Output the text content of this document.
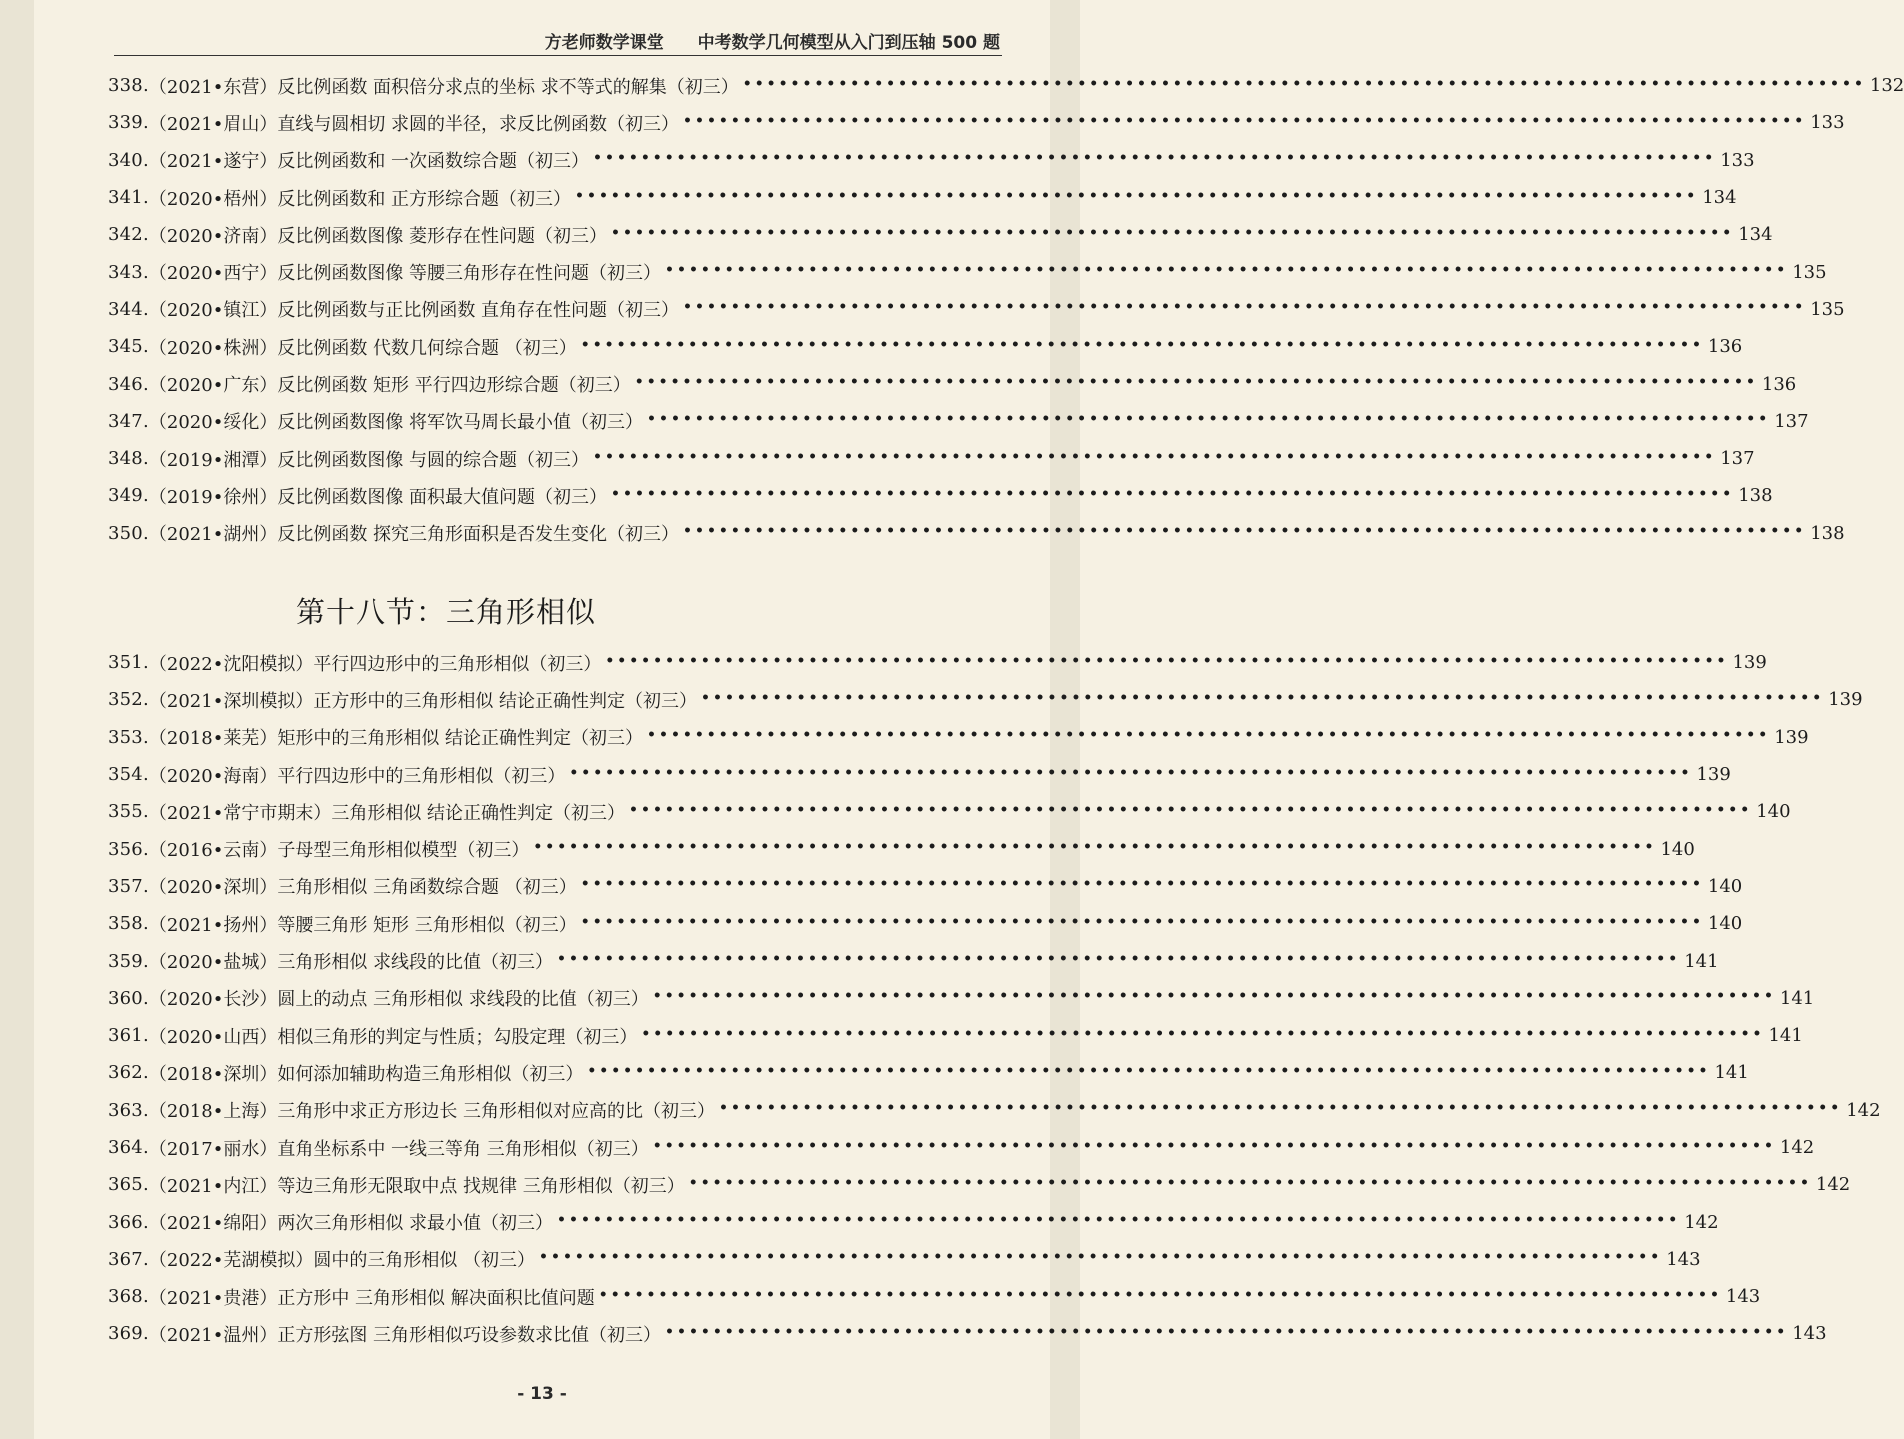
方老师数学课堂 中考数学几何模型从入门到压轴 500 题
338. （2021•东营）反比例函数 面积倍分求点的坐标 求不等式的解集（初三） •••••	132
339. （2021•眉山）直线与圆相切 求圆的半径，求反比例函数（初三） •••••	133
340. （2021•遂宁）反比例函数和 一次函数综合题（初三） •••••	133
341. （2020•梧州）反比例函数和 正方形综合题（初三） •••••	134
342. （2020•济南）反比例函数图像 菱形存在性问题（初三） •••••	134
343. （2020•西宁）反比例函数图像 等腰三角形存在性问题（初三） •••••	135
344. （2020•镇江）反比例函数与正比例函数 直角存在性问题（初三） •••••	135
345. （2020•株洲）反比例函数 代数几何综合题 （初三） •••••	136
346. （2020•广东）反比例函数 矩形 平行四边形综合题（初三） •••••	136
347. （2020•绥化）反比例函数图像 将军饮马周长最小值（初三） •••••	137
348. （2019•湘潭）反比例函数图像 与圆的综合题（初三） •••••	137
349. （2019•徐州）反比例函数图像 面积最大值问题（初三） •••••	138
350. （2021•湖州）反比例函数 探究三角形面积是否发生变化（初三） •••••	138
第十八节：三角形相似
351. （2022•沈阳模拟）平行四边形中的三角形相似（初三） •••••	139
352. （2021•深圳模拟）正方形中的三角形相似 结论正确性判定（初三） •••••	139
353. （2018•莱芜）矩形中的三角形相似 结论正确性判定（初三） •••••	139
354. （2020•海南）平行四边形中的三角形相似（初三） •••••	139
355. （2021•常宁市期末）三角形相似 结论正确性判定（初三） •••••	140
356. （2016•云南）子母型三角形相似模型（初三） •••••	140
357. （2020•深圳）三角形相似 三角函数综合题 （初三） •••••	140
358. （2021•扬州）等腰三角形 矩形 三角形相似（初三） •••••	140
359. （2020•盐城）三角形相似 求线段的比值（初三） •••••	141
360. （2020•长沙）圆上的动点 三角形相似 求线段的比值（初三） •••••	141
361. （2020•山西）相似三角形的判定与性质；勾股定理（初三） •••••	141
362. （2018•深圳）如何添加辅助构造三角形相似（初三） •••••	141
363. （2018•上海）三角形中求正方形边长 三角形相似对应高的比（初三） •••••	142
364. （2017•丽水）直角坐标系中 一线三等角 三角形相似（初三） •••••	142
365. （2021•内江）等边三角形无限取中点 找规律 三角形相似（初三） •••••	142
366. （2021•绵阳）两次三角形相似 求最小值（初三） •••••	142
367. （2022•芜湖模拟）圆中的三角形相似 （初三） •••••	143
368. （2021•贵港）正方形中 三角形相似 解决面积比值问题 •••••	143
369. （2021•温州）正方形弦图 三角形相似巧设参数求比值（初三） •••••	143
- 13 -
